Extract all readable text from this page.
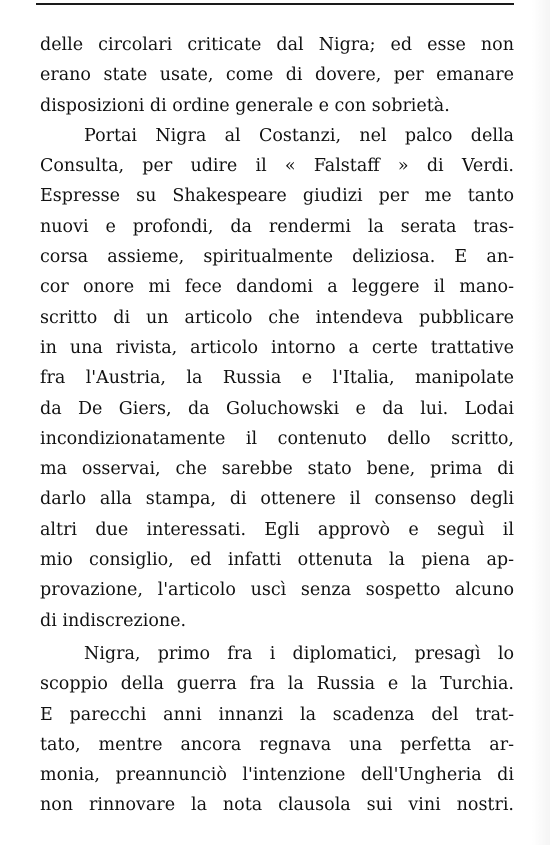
delle circolari criticate dal Nigra; ed esse non
erano state usate, come di dovere, per emanare
disposizioni di ordine generale e con sobrietà.
Portai Nigra al Costanzi, nel palco della
Consulta, per udire il « Falstaff » di Verdi.
Espresse su Shakespeare giudizi per me tanto
nuovi e profondi, da rendermi la serata tras-
corsa assieme, spiritualmente deliziosa. E an-
cor onore mi fece dandomi a leggere il mano-
scritto di un articolo che intendeva pubblicare
in una rivista, articolo intorno a certe trattative
fra l'Austria, la Russia e l'Italia, manipolate
da De Giers, da Goluchowski e da lui. Lodai
incondizionatamente il contenuto dello scritto,
ma osservai, che sarebbe stato bene, prima di
darlo alla stampa, di ottenere il consenso degli
altri due interessati. Egli approvò e seguì il
mio consiglio, ed infatti ottenuta la piena ap-
provazione, l'articolo uscì senza sospetto alcuno
di indiscrezione.
Nigra, primo fra i diplomatici, presagì lo
scoppio della guerra fra la Russia e la Turchia.
E parecchi anni innanzi la scadenza del trat-
tato, mentre ancora regnava una perfetta ar-
monia, preannunciò l'intenzione dell'Ungheria di
non rinnovare la nota clausola sui vini nostri.
